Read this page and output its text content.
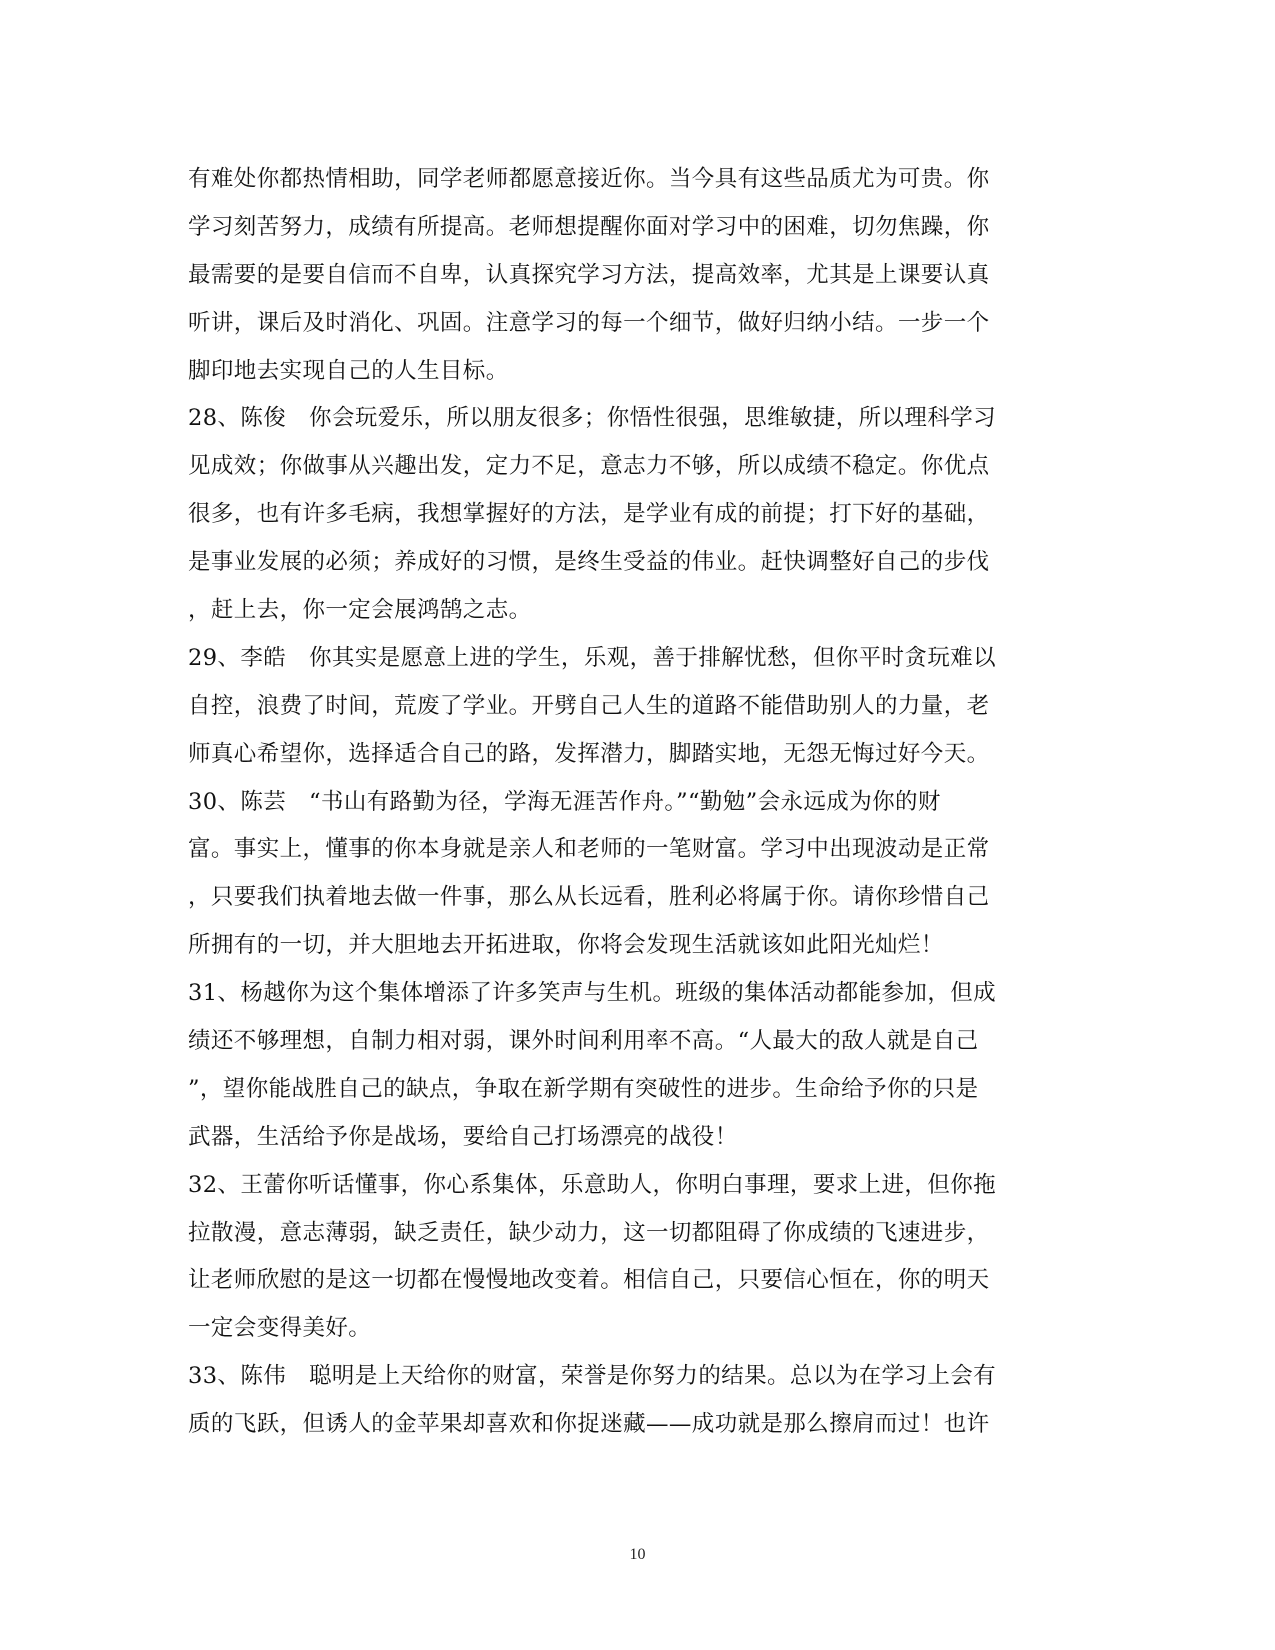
有难处你都热情相助，同学老师都愿意接近你。当今具有这些品质尤为可贵。你
学习刻苦努力，成绩有所提高。老师想提醒你面对学习中的困难，切勿焦躁，你
最需要的是要自信而不自卑，认真探究学习方法，提高效率，尤其是上课要认真
听讲，课后及时消化、巩固。注意学习的每一个细节，做好归纳小结。一步一个
脚印地去实现自己的人生目标。
28、陈俊　你会玩爱乐，所以朋友很多；你悟性很强，思维敏捷，所以理科学习
见成效；你做事从兴趣出发，定力不足，意志力不够，所以成绩不稳定。你优点
很多，也有许多毛病，我想掌握好的方法，是学业有成的前提；打下好的基础，
是事业发展的必须；养成好的习惯，是终生受益的伟业。赶快调整好自己的步伐
，赶上去，你一定会展鸿鹄之志。
29、李皓　你其实是愿意上进的学生，乐观，善于排解忧愁，但你平时贪玩难以
自控，浪费了时间，荒废了学业。开劈自己人生的道路不能借助别人的力量，老
师真心希望你，选择适合自己的路，发挥潜力，脚踏实地，无怨无悔过好今天。
30、陈芸　“书山有路勤为径，学海无涯苦作舟。”“勤勉”会永远成为你的财
富。事实上，懂事的你本身就是亲人和老师的一笔财富。学习中出现波动是正常
，只要我们执着地去做一件事，那么从长远看，胜利必将属于你。请你珍惜自己
所拥有的一切，并大胆地去开拓进取，你将会发现生活就该如此阳光灿烂！
31、杨越你为这个集体增添了许多笑声与生机。班级的集体活动都能参加，但成
绩还不够理想，自制力相对弱，课外时间利用率不高。“人最大的敌人就是自己
”，望你能战胜自己的缺点，争取在新学期有突破性的进步。生命给予你的只是
武器，生活给予你是战场，要给自己打场漂亮的战役！
32、王蕾你听话懂事，你心系集体，乐意助人，你明白事理，要求上进，但你拖
拉散漫，意志薄弱，缺乏责任，缺少动力，这一切都阻碍了你成绩的飞速进步，
让老师欣慰的是这一切都在慢慢地改变着。相信自己，只要信心恒在，你的明天
一定会变得美好。
33、陈伟　聪明是上天给你的财富，荣誉是你努力的结果。总以为在学习上会有
质的飞跃，但诱人的金苹果却喜欢和你捉迷藏——成功就是那么擦肩而过！也许
10
